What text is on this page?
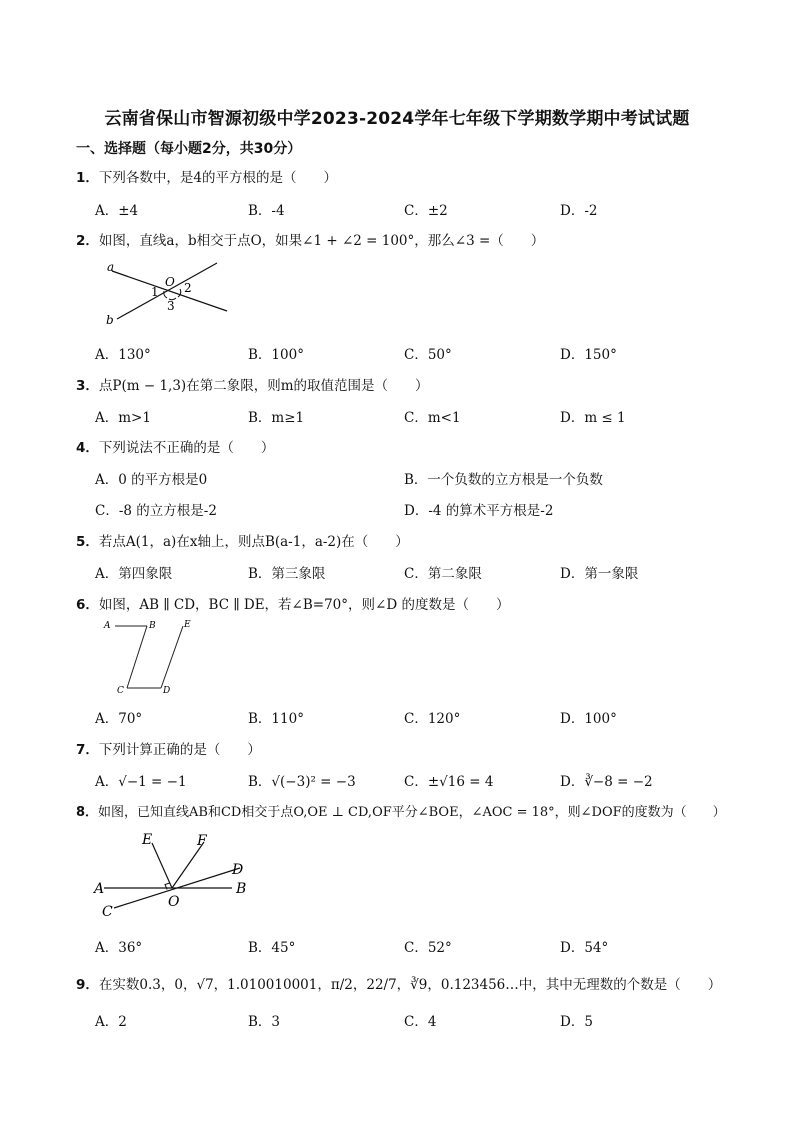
云南省保山市智源初级中学2023-2024学年七年级下学期数学期中考试试题
一、选择题（每小题2分，共30分）
1．下列各数中，是4的平方根的是（　　）
A．±4	B．-4	C．±2	D．-2
2．如图，直线a，b相交于点O，如果∠1 + ∠2 = 100°，那么∠3 =（　　）
a
b
O
1 2
3
A．130°	B．100°	C．50°	D．150°
3．点P(m − 1,3)在第二象限，则m的取值范围是（　　）
A．m>1	B．m≥1	C．m<1	D．m ≤ 1
4．下列说法不正确的是（　　）
A．0 的平方根是0	B．一个负数的立方根是一个负数
C．-8 的立方根是-2	D．-4 的算术平方根是-2
5．若点A(1，a)在x轴上，则点B(a-1，a-2)在（　　）
A．第四象限	B．第三象限	C．第二象限	D．第一象限
6．如图，AB ∥ CD，BC ∥ DE，若∠B=70°，则∠D 的度数是（　　）
A	B	E
C	D
A．70°	B．110°	C．120°	D．100°
7．下列计算正确的是（　　）
A．√−1 = −1	B．√(−3)² = −3	C．±√16 = 4	D．∛−8 = −2
8．如图，已知直线AB和CD相交于点O,OE ⊥ CD,OF平分∠BOE，∠AOC = 18°，则∠DOF的度数为（　　）
A	B
C
D
E	F
O
A．36°	B．45°	C．52°	D．54°
9．在实数0.3，0，√7，1.010010001，π/2，22/7，∛9，0.123456…中，其中无理数的个数是（　　）
A．2	B．3	C．4	D．5
